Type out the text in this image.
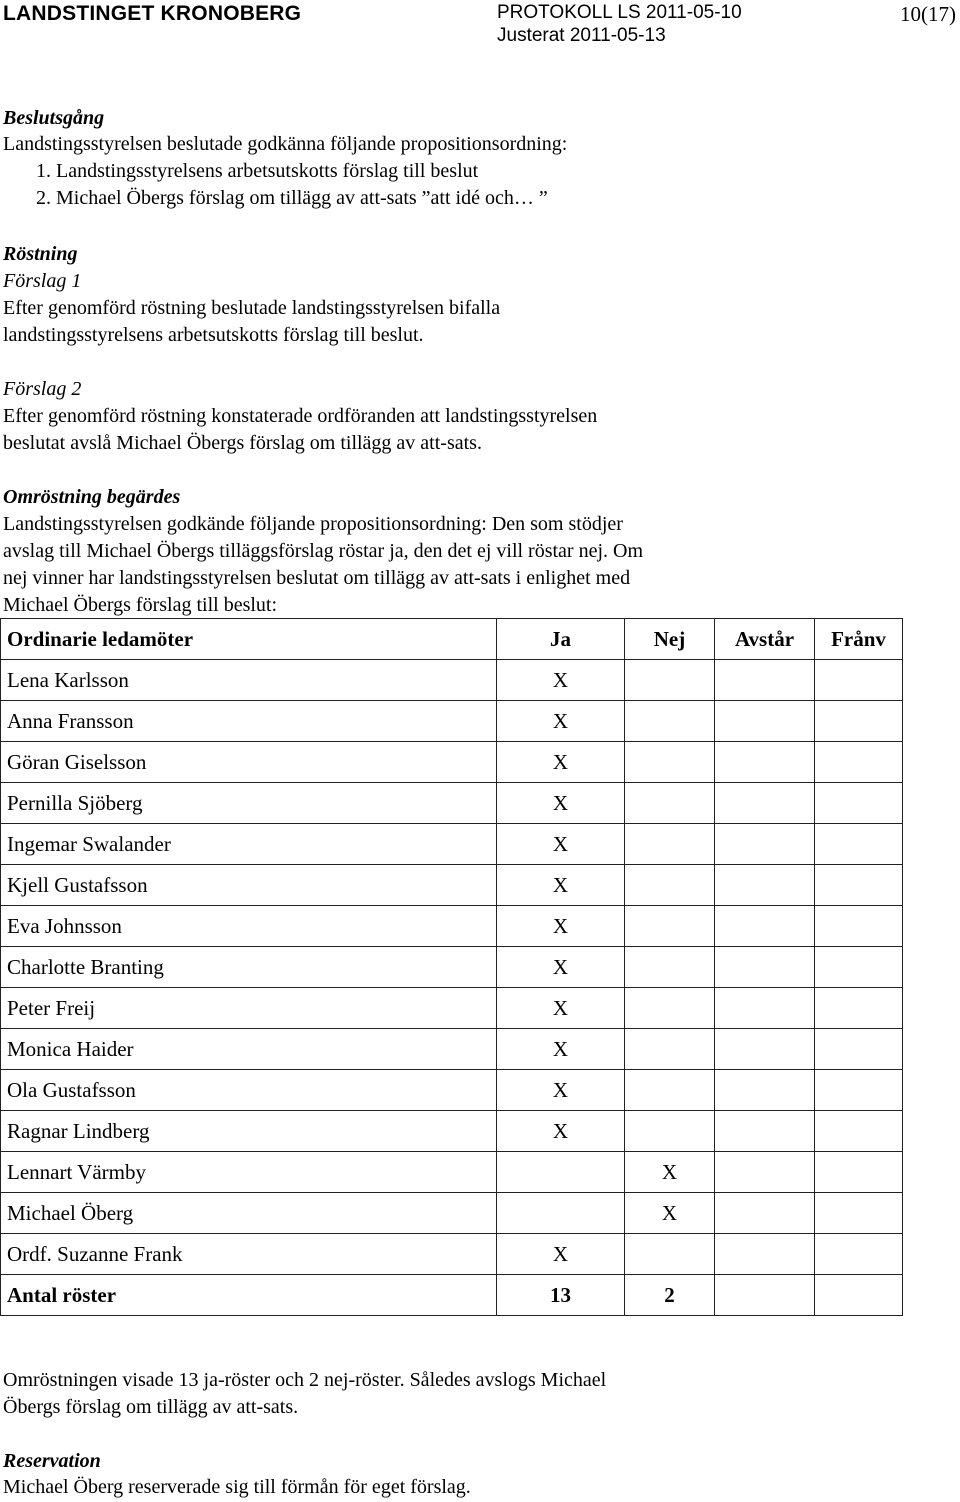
LANDSTINGET KRONOBERG	PROTOKOLL LS 2011-05-10
Justerat 2011-05-13
10(17)
Beslutsgång
Landstingsstyrelsen beslutade godkänna följande propositionsordning:
1. Landstingsstyrelsens arbetsutskotts förslag till beslut
2. Michael Öbergs förslag om tillägg av att-sats ”att idé och… ”
Röstning
Förslag 1
Efter genomförd röstning beslutade landstingsstyrelsen bifalla
landstingsstyrelsens arbetsutskotts förslag till beslut.
Förslag 2
Efter genomförd röstning konstaterade ordföranden att landstingsstyrelsen
beslutat avslå Michael Öbergs förslag om tillägg av att-sats.
Omröstning begärdes
Landstingsstyrelsen godkände följande propositionsordning: Den som stödjer
avslag till Michael Öbergs tilläggsförslag röstar ja, den det ej vill röstar nej. Om
nej vinner har landstingsstyrelsen beslutat om tillägg av att-sats i enlighet med
Michael Öbergs förslag till beslut:
Ordinarie ledamöter	Ja	Nej	Avstår	Frånv
Lena Karlsson	X			
Anna Fransson	X			
Göran Giselsson	X			
Pernilla Sjöberg	X			
Ingemar Swalander	X			
Kjell Gustafsson	X			
Eva Johnsson	X			
Charlotte Branting	X			
Peter Freij	X			
Monica Haider	X			
Ola Gustafsson	X			
Ragnar Lindberg	X			
Lennart Värmby		X		
Michael Öberg		X		
Ordf. Suzanne Frank	X			
Antal röster	13	2		
Omröstningen visade 13 ja-röster och 2 nej-röster. Således avslogs Michael
Öbergs förslag om tillägg av att-sats.
Reservation
Michael Öberg reserverade sig till förmån för eget förslag.
